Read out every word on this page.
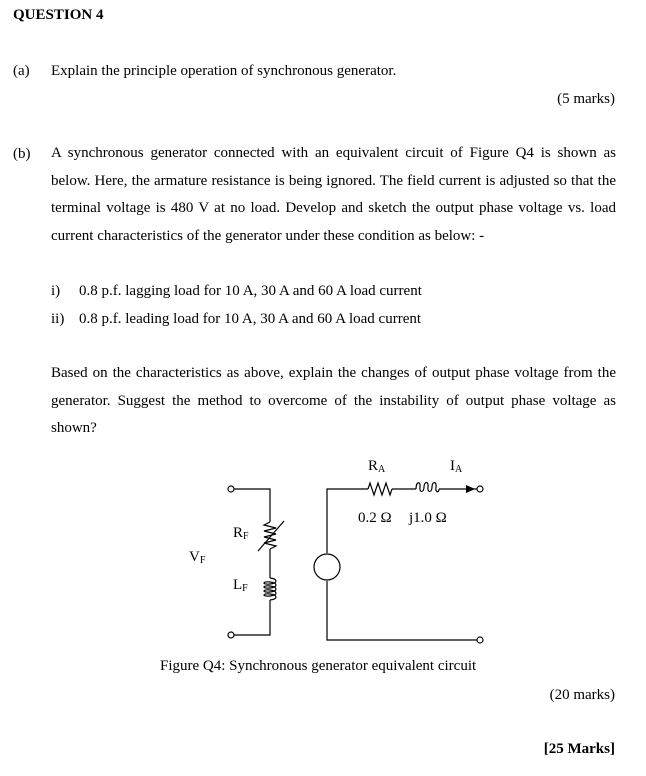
QUESTION 4
(a) Explain the principle operation of synchronous generator.
(5 marks)
(b) A synchronous generator connected with an equivalent circuit of Figure Q4 is shown as below. Here, the armature resistance is being ignored. The field current is adjusted so that the terminal voltage is 480 V at no load. Develop and sketch the output phase voltage vs. load current characteristics of the generator under these condition as below: -
i) 0.8 p.f. lagging load for 10 A, 30 A and 60 A load current
ii) 0.8 p.f. leading load for 10 A, 30 A and 60 A load current
Based on the characteristics as above, explain the changes of output phase voltage from the generator. Suggest the method to overcome of the instability of output phase voltage as shown?
RA	IA
RF
LF
VF
0.2 Ω j1.0 Ω
Figure Q4: Synchronous generator equivalent circuit
(20 marks)
[25 Marks]
